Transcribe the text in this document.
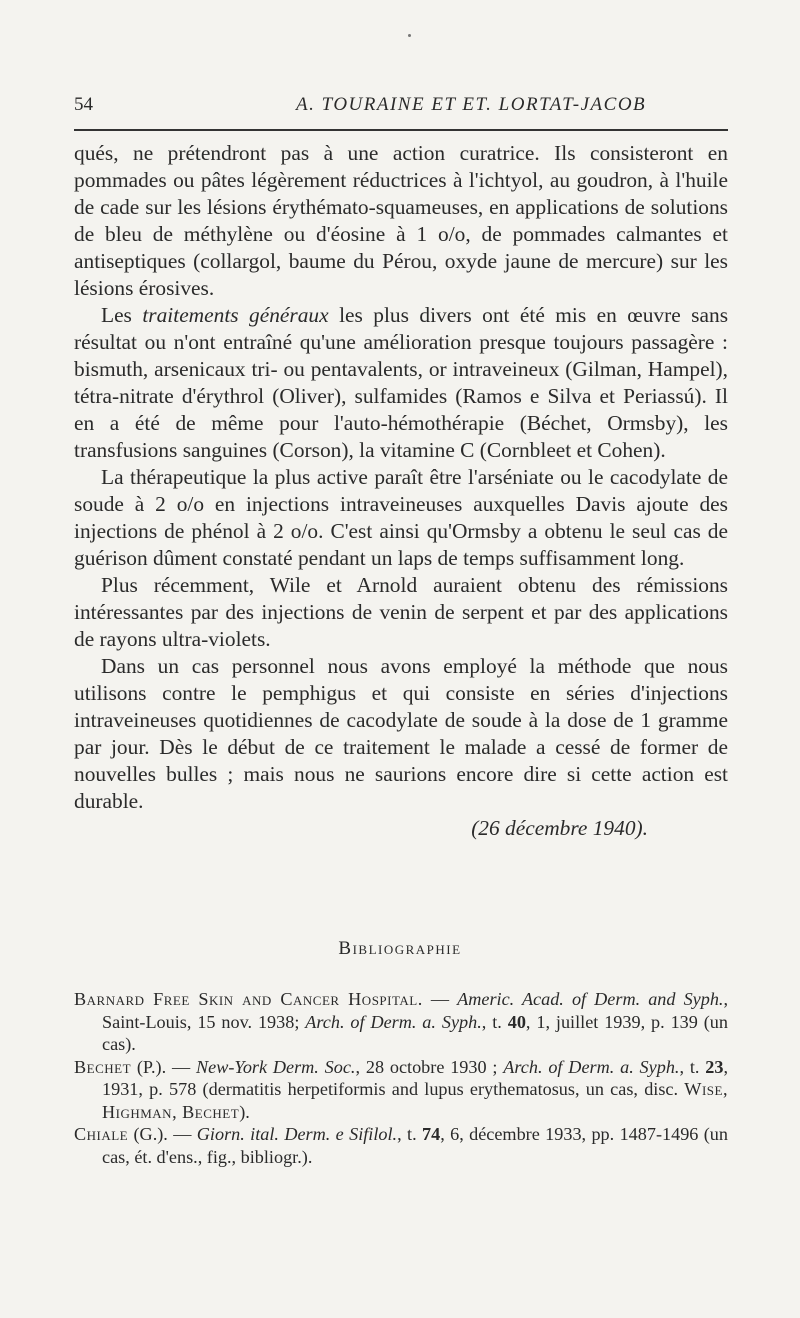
54	A. TOURAINE ET ET. LORTAT-JACOB

qués, ne prétendront pas à une action curatrice. Ils consisteront en pommades ou pâtes légèrement réductrices à l'ichtyol, au goudron, à l'huile de cade sur les lésions érythémato-squameuses, en applications de solutions de bleu de méthylène ou d'éosine à 1 o/o, de pommades calmantes et antiseptiques (collargol, baume du Pérou, oxyde jaune de mercure) sur les lésions érosives.

Les traitements généraux les plus divers ont été mis en œuvre sans résultat ou n'ont entraîné qu'une amélioration presque toujours passagère : bismuth, arsenicaux tri- ou pentavalents, or intraveineux (Gilman, Hampel), tétra-nitrate d'érythrol (Oliver), sulfamides (Ramos e Silva et Periassú). Il en a été de même pour l'auto-hémothérapie (Béchet, Ormsby), les transfusions sanguines (Corson), la vitamine C (Cornbleet et Cohen).

La thérapeutique la plus active paraît être l'arséniate ou le cacodylate de soude à 2 o/o en injections intraveineuses auxquelles Davis ajoute des injections de phénol à 2 o/o. C'est ainsi qu'Ormsby a obtenu le seul cas de guérison dûment constaté pendant un laps de temps suffisamment long.

Plus récemment, Wile et Arnold auraient obtenu des rémissions intéressantes par des injections de venin de serpent et par des applications de rayons ultra-violets.

Dans un cas personnel nous avons employé la méthode que nous utilisons contre le pemphigus et qui consiste en séries d'injections intraveineuses quotidiennes de cacodylate de soude à la dose de 1 gramme par jour. Dès le début de ce traitement le malade a cessé de former de nouvelles bulles ; mais nous ne saurions encore dire si cette action est durable.

(26 décembre 1940).

Bibliographie

Barnard Free Skin and Cancer Hospital. — Americ. Acad. of Derm. and Syph., Saint-Louis, 15 nov. 1938; Arch. of Derm. a. Syph., t. 40, 1, juillet 1939, p. 139 (un cas).

Bechet (P.). — New-York Derm. Soc., 28 octobre 1930 ; Arch. of Derm. a. Syph., t. 23, 1931, p. 578 (dermatitis herpetiformis and lupus erythematosus, un cas, disc. Wise, Highman, Bechet).

Chiale (G.). — Giorn. ital. Derm. e Sifilol., t. 74, 6, décembre 1933, pp. 1487-1496 (un cas, ét. d'ens., fig., bibliogr.).
